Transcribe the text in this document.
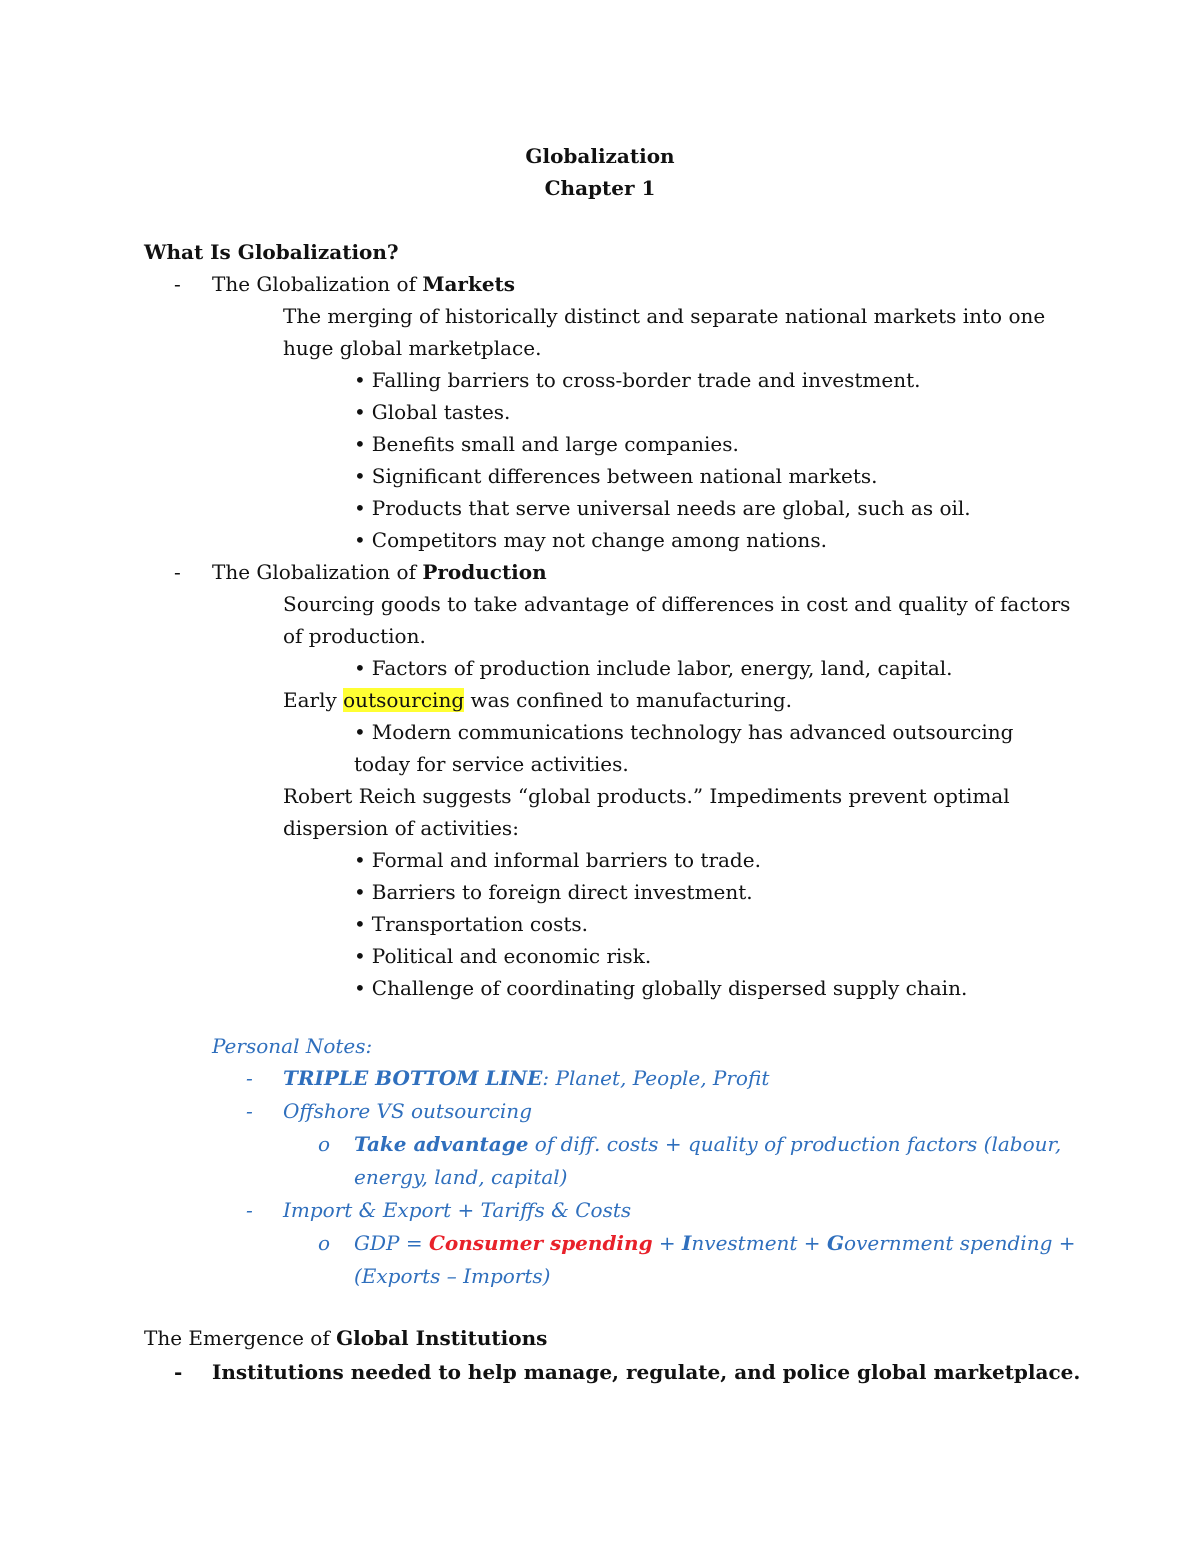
Globalization
Chapter 1
What Is Globalization?
- The Globalization of Markets
The merging of historically distinct and separate national markets into one
huge global marketplace.
• Falling barriers to cross-border trade and investment.
• Global tastes.
• Benefits small and large companies.
• Significant differences between national markets.
• Products that serve universal needs are global, such as oil.
• Competitors may not change among nations.
- The Globalization of Production
Sourcing goods to take advantage of differences in cost and quality of factors
of production.
• Factors of production include labor, energy, land, capital.
Early outsourcing was confined to manufacturing.
• Modern communications technology has advanced outsourcing
today for service activities.
Robert Reich suggests “global products.” Impediments prevent optimal
dispersion of activities:
• Formal and informal barriers to trade.
• Barriers to foreign direct investment.
• Transportation costs.
• Political and economic risk.
• Challenge of coordinating globally dispersed supply chain.
Personal Notes:
- TRIPLE BOTTOM LINE: Planet, People, Profit
- Offshore VS outsourcing
o Take advantage of diff. costs + quality of production factors (labour,
energy, land, capital)
- Import & Export + Tariffs & Costs
o GDP = Consumer spending + Investment + Government spending +
(Exports – Imports)
The Emergence of Global Institutions
- Institutions needed to help manage, regulate, and police global marketplace.
